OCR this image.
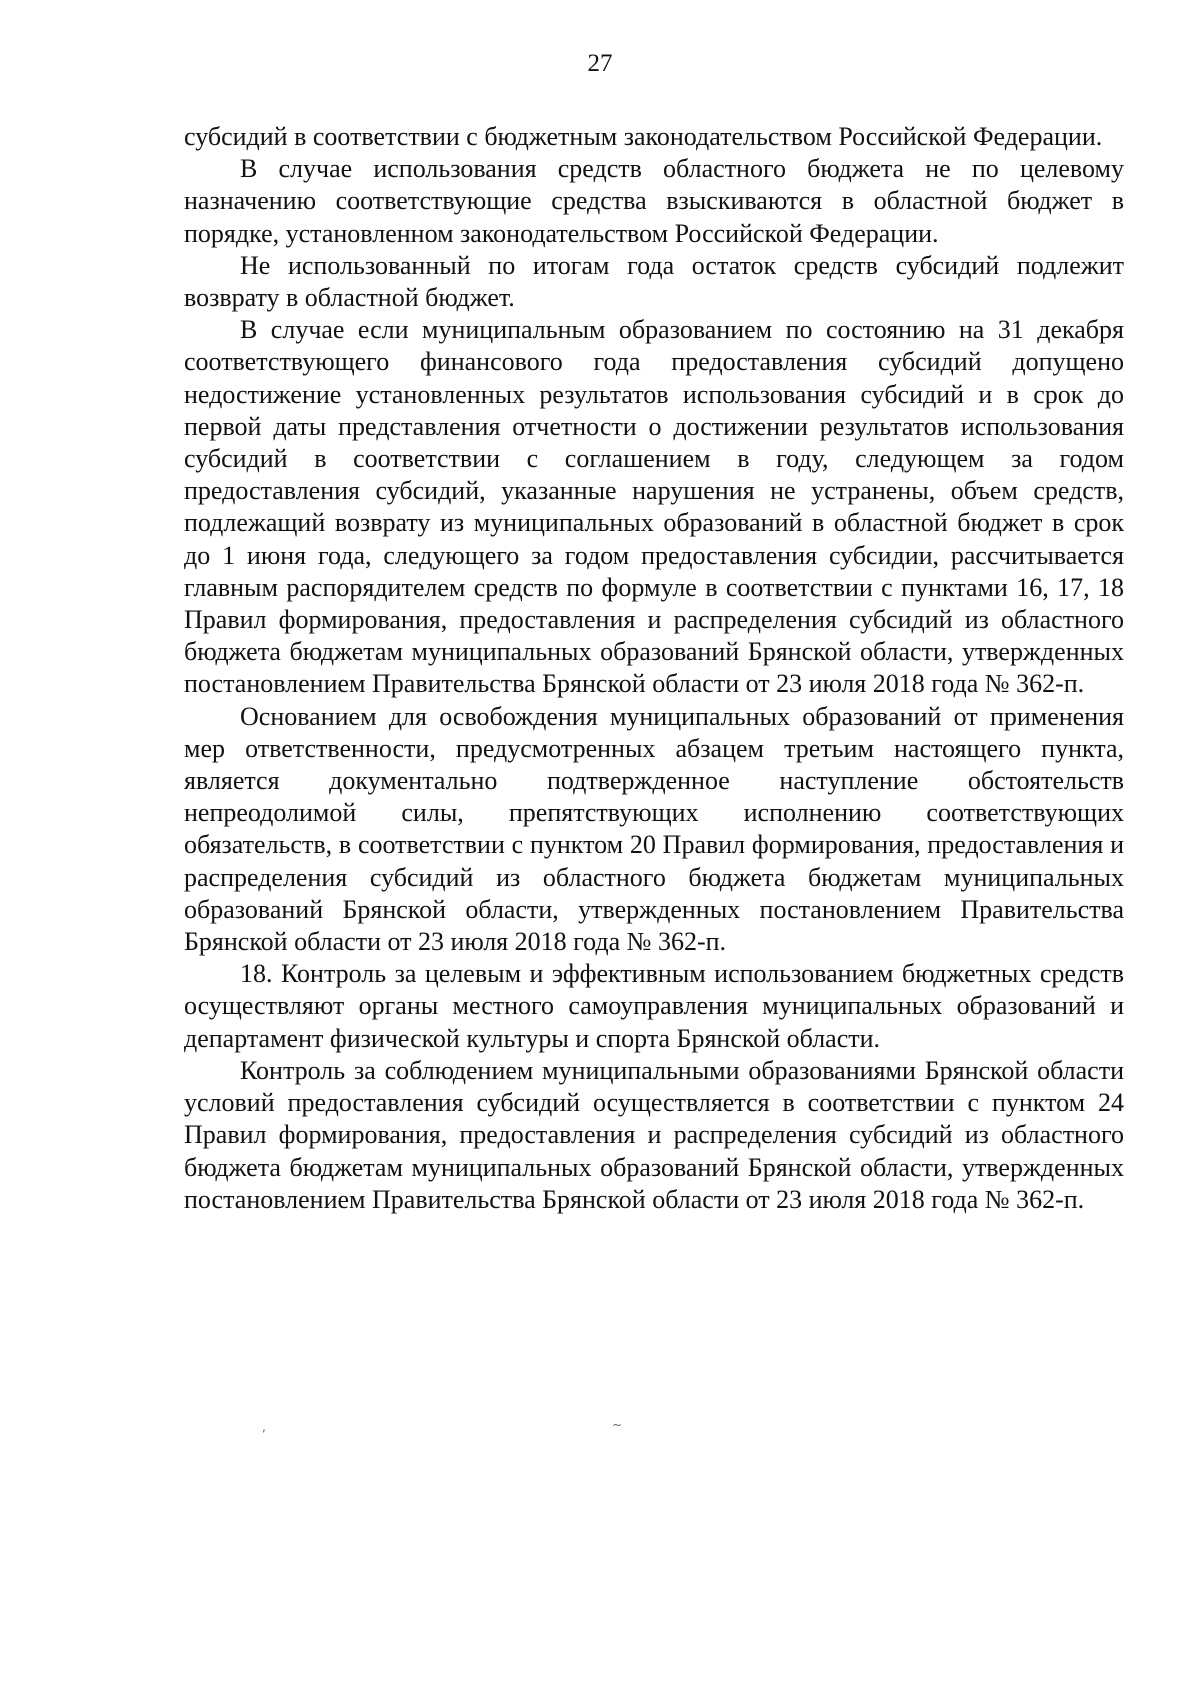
27

субсидий в соответствии с бюджетным законодательством Российской Федерации.

В случае использования средств областного бюджета не по целевому назначению соответствующие средства взыскиваются в областной бюджет в порядке, установленном законодательством Российской Федерации.

Не использованный по итогам года остаток средств субсидий подлежит возврату в областной бюджет.

В случае если муниципальным образованием по состоянию на 31 декабря соответствующего финансового года предоставления субсидий допущено недостижение установленных результатов использования субсидий и в срок до первой даты представления отчетности о достижении результатов использования субсидий в соответствии с соглашением в году, следующем за годом предоставления субсидий, указанные нарушения не устранены, объем средств, подлежащий возврату из муниципальных образований в областной бюджет в срок до 1 июня года, следующего за годом предоставления субсидии, рассчитывается главным распорядителем средств по формуле в соответствии с пунктами 16, 17, 18 Правил формирования, предоставления и распределения субсидий из областного бюджета бюджетам муниципальных образований Брянской области, утвержденных постановлением Правительства Брянской области от 23 июля 2018 года № 362-п.

Основанием для освобождения муниципальных образований от применения мер ответственности, предусмотренных абзацем третьим настоящего пункта, является документально подтвержденное наступление обстоятельств непреодолимой силы, препятствующих исполнению соответствующих обязательств, в соответствии с пунктом 20 Правил формирования, предоставления и распределения субсидий из областного бюджета бюджетам муниципальных образований Брянской области, утвержденных постановлением Правительства Брянской области от 23 июля 2018 года № 362-п.

18. Контроль за целевым и эффективным использованием бюджетных средств осуществляют органы местного самоуправления муниципальных образований и департамент физической культуры и спорта Брянской области.

Контроль за соблюдением муниципальными образованиями Брянской области условий предоставления субсидий осуществляется в соответствии с пунктом 24 Правил формирования, предоставления и распределения субсидий из областного бюджета бюджетам муниципальных образований Брянской области, утвержденных постановлением Правительства Брянской области от 23 июля 2018 года № 362-п.

,	~
